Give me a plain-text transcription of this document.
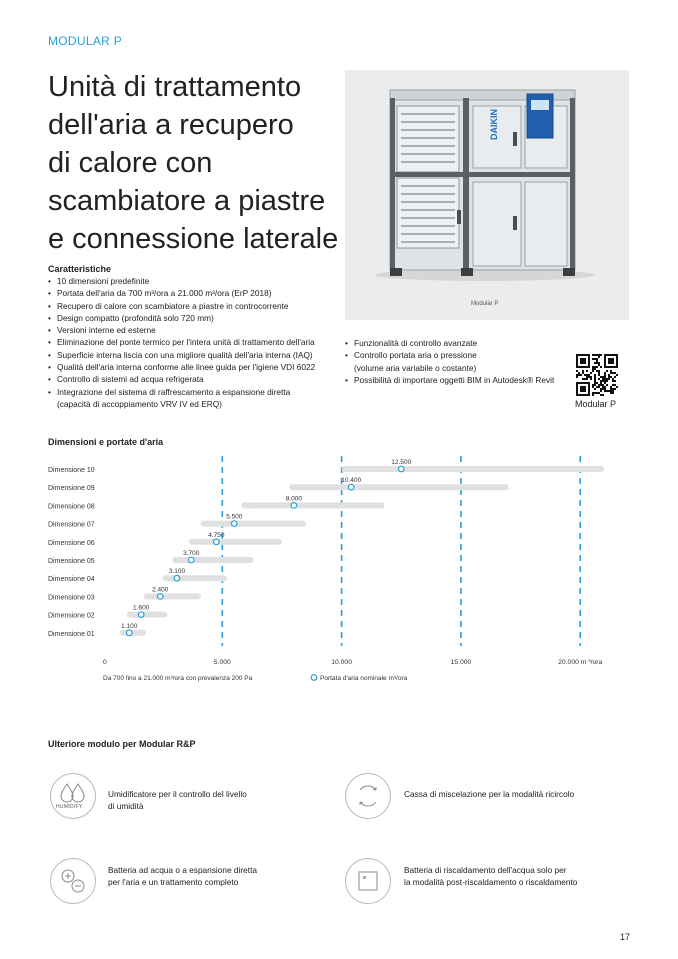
MODULAR P
Unità di trattamento
dell'aria a recupero
di calore con
scambiatore a piastre
e connessione laterale
DAIKIN
Modular P
Caratteristiche
• 10 dimensioni predefinite
• Portata dell'aria da 700 m³/ora a 21.000 m³/ora (ErP 2018)
• Recupero di calore con scambiatore a piastre in controcorrente
• Design compatto (profondità solo 720 mm)
• Versioni interne ed esterne
• Eliminazione del ponte termico per l'intera unità di trattamento dell'aria
• Superficie interna liscia con una migliore qualità dell'aria interna (IAQ)
• Qualità dell'aria interna conforme alle linee guida per l'igiene VDI 6022
• Controllo di sistemi ad acqua refrigerata
• Integrazione del sistema di raffrescamento a espansione diretta
(capacità di accoppiamento VRV IV ed ERQ)
• Funzionalità di controllo avanzate
• Controllo portata aria o pressione
(volume aria variabile o costante)
• Possibilità di importare oggetti BIM in Autodesk® Revit
Modular P
Dimensioni e portate d'aria
Dimensione 10
12.500
Dimensione 09
10.400
Dimensione 08
8.000
Dimensione 07
5.500
Dimensione 06
4.750
Dimensione 05
3.700
Dimensione 04
3.100
Dimensione 03
2.400
Dimensione 02
1.600
Dimensione 01
1.100
0	5.000	10.000	15.000	20.000 m ³/ora
Da 700 fino a 21.000 m³/ora con prevalenza 200 Pa	Portata d'aria nominale m³/ora
Ulteriore modulo per Modular R&P
HUMIDIFY
Umidificatore per il controllo del livello
di umidità
Cassa di miscelazione per la modalità ricircolo
Batteria ad acqua o a espansione diretta
per l'aria e un trattamento completo
Batteria di riscaldamento dell'acqua solo per
la modalità post-riscaldamento o riscaldamento
17
